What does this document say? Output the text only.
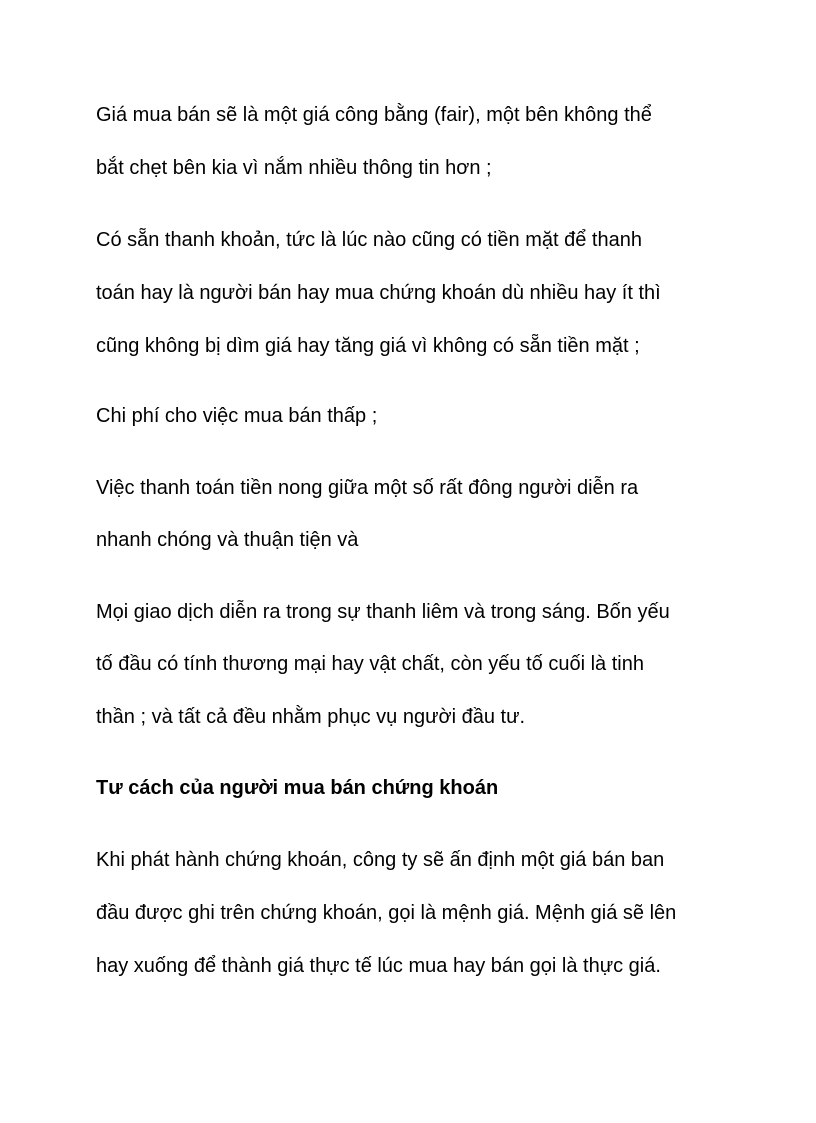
Giá mua bán sẽ là một giá công bằng (fair), một bên không thể
bắt chẹt bên kia vì nắm nhiều thông tin hơn ;
Có sẵn thanh khoản, tức là lúc nào cũng có tiền mặt để thanh
toán hay là người bán hay mua chứng khoán dù nhiều hay ít thì
cũng không bị dìm giá hay tăng giá vì không có sẵn tiền mặt ;
Chi phí cho việc mua bán thấp ;
Việc thanh toán tiền nong giữa một số rất đông người diễn ra
nhanh chóng và thuận tiện và
Mọi giao dịch diễn ra trong sự thanh liêm và trong sáng. Bốn yếu
tố đầu có tính thương mại hay vật chất, còn yếu tố cuối là tinh
thần ; và tất cả đều nhằm phục vụ người đầu tư.
Tư cách của người mua bán chứng khoán
Khi phát hành chứng khoán, công ty sẽ ấn định một giá bán ban
đầu được ghi trên chứng khoán, gọi là mệnh giá. Mệnh giá sẽ lên
hay xuống để thành giá thực tế lúc mua hay bán gọi là thực giá.
